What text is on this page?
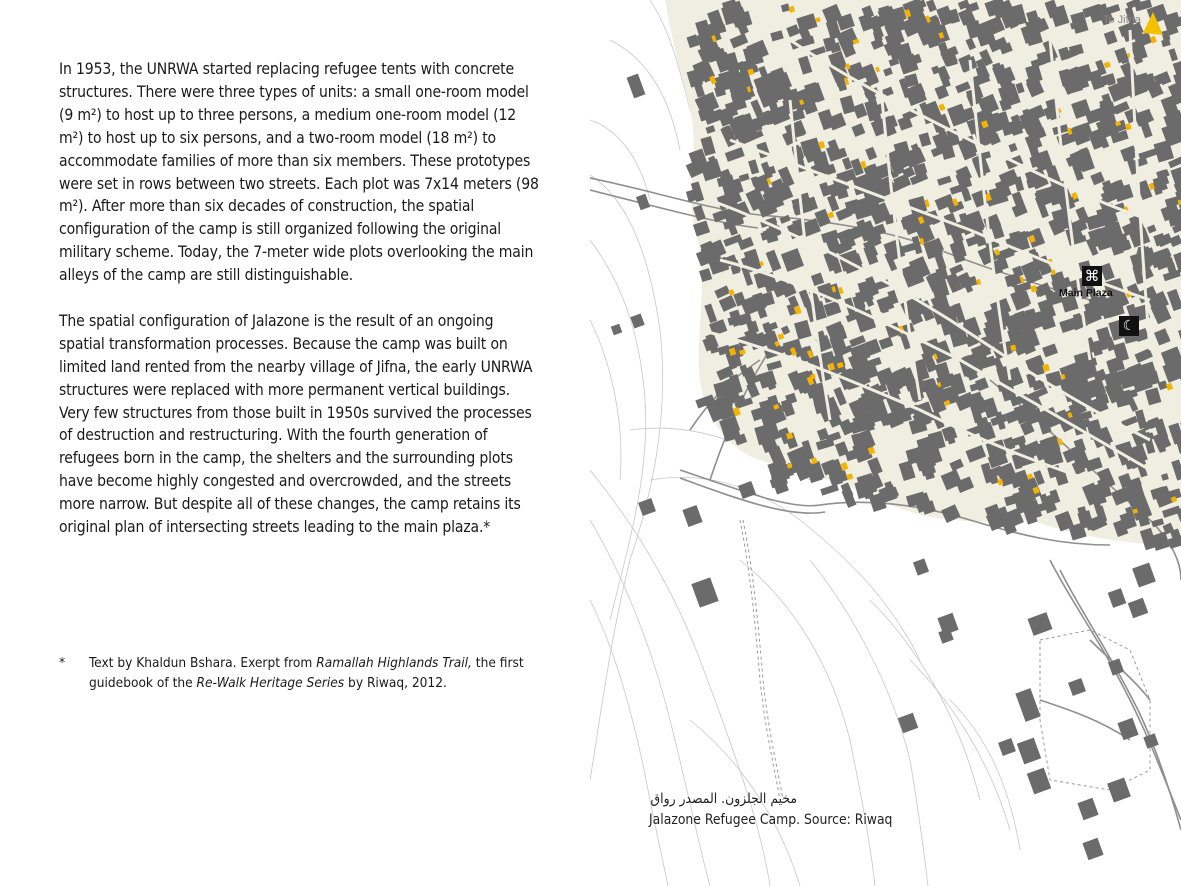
In 1953, the UNRWA started replacing refugee tents with concrete structures. There were three types of units: a small one-room model (9 m²) to host up to three persons, a medium one-room model (12 m²) to host up to six persons, and a two-room model (18 m²) to accommodate families of more than six members. These prototypes were set in rows between two streets. Each plot was 7x14 meters (98 m²). After more than six decades of construction, the spatial configuration of the camp is still organized following the original military scheme. Today, the 7-meter wide plots overlooking the main alleys of the camp are still distinguishable.

The spatial configuration of Jalazone is the result of an ongoing spatial transformation processes. Because the camp was built on limited land rented from the nearby village of Jifna, the early UNRWA structures were replaced with more permanent vertical buildings. Very few structures from those built in 1950s survived the processes of destruction and restructuring. With the fourth generation of refugees born in the camp, the shelters and the surrounding plots have become highly congested and overcrowded, and the streets more narrow. But despite all of these changes, the camp retains its original plan of intersecting streets leading to the main plaza.*

*	Text by Khaldun Bshara. Exerpt from Ramallah Highlands Trail, the first guidebook of the Re-Walk Heritage Series by Riwaq, 2012.
To Jifna
⌘
Main Plaza
☾
مخيم الجلزون. المصدر رواق
Jalazone Refugee Camp. Source: Riwaq
